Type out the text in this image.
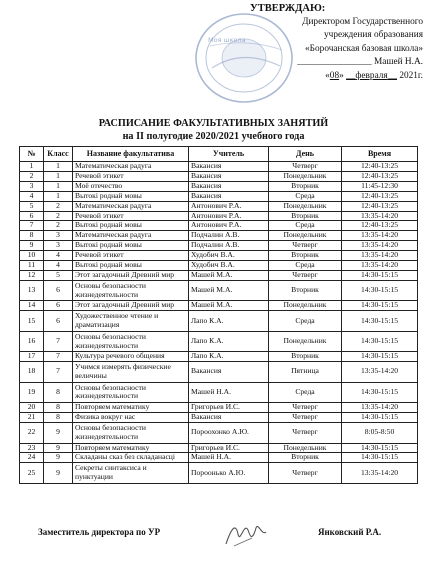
Моя школа
УТВЕРЖДАЮ:
Директором Государственного
учреждения образования
«Борочанская базовая школа»
________________ Машей Н.А.
«08» __февраля__ 2021г.
РАСПИСАНИЕ ФАКУЛЬТАТИВНЫХ ЗАНЯТИЙ
на II полугодие 2020/2021 учебного года
№	Класс	Название факультатива	Учитель	День	Время
1	1	Математическая радуга	Вакансия	Четверг	12:40-13:25
2	1	Речевой этикет	Вакансия	Понедельник	12:40-13:25
3	1	Моё отечество	Вакансия	Вторник	11:45-12:30
4	1	Вытокі роднай мовы	Вакансия	Среда	12:40-13:25
5	2	Математическая радуга	Антонович Р.А.	Понедельник	12:40-13:25
6	2	Речевой этикет	Антонович Р.А.	Вторник	13:35-14:20
7	2	Вытокі роднай мовы	Антонович Р.А.	Среда	12:40-13:25
8	3	Математическая радуга	Подчалин А.В.	Понедельник	13:35-14:20
9	3	Вытокі роднай мовы	Подчалин А.В.	Четверг	13:35-14:20
10	4	Речевой этикет	Худобич В.А.	Вторник	13:35-14:20
11	4	Вытокі роднай мовы	Худобич В.А.	Среда	13:35-14:20
12	5	Этот загадочный Древний мир	Машей М.А.	Четверг	14:30-15:15
13	6	Основы безопасности жизнедеятельности	Машей М.А.	Вторник	14:30-15:15
14	6	Этот загадочный Древний мир	Машей М.А.	Понедельник	14:30-15:15
15	6	Художественное чтение и драматизация	Лапо К.А.	Среда	14:30-15:15
16	7	Основы безопасности жизнедеятельности	Лапо К.А.	Понедельник	14:30-15:15
17	7	Культура речевого общения	Лапо К.А.	Вторник	14:30-15:15
18	7	Учимся измерять физические величины	Вакансия	Пятница	13:35-14:20
19	8	Основы безопасности жизнедеятельности	Машей Н.А.	Среда	14:30-15:15
20	8	Повторяем математику	Григорьев И.С.	Четверг	13:35-14:20
21	8	Физика вокруг нас	Вакансия	Четверг	14:30-15:15
22	9	Основы безопасности жизнедеятельности	Пороохонко А.Ю.	Четверг	8:05-8:50
23	9	Повторяем математику	Григорьев И.С.	Понедельник	14:30-15:15
24	9	Складаны сказ без складанасці	Машей Н.А.	Вторник	14:30-15:15
25	9	Секреты синтаксиса и пунктуации	Пороонько А.Ю.	Четверг	13:35-14:20
Заместитель директора по УР	Янковский Р.А.
